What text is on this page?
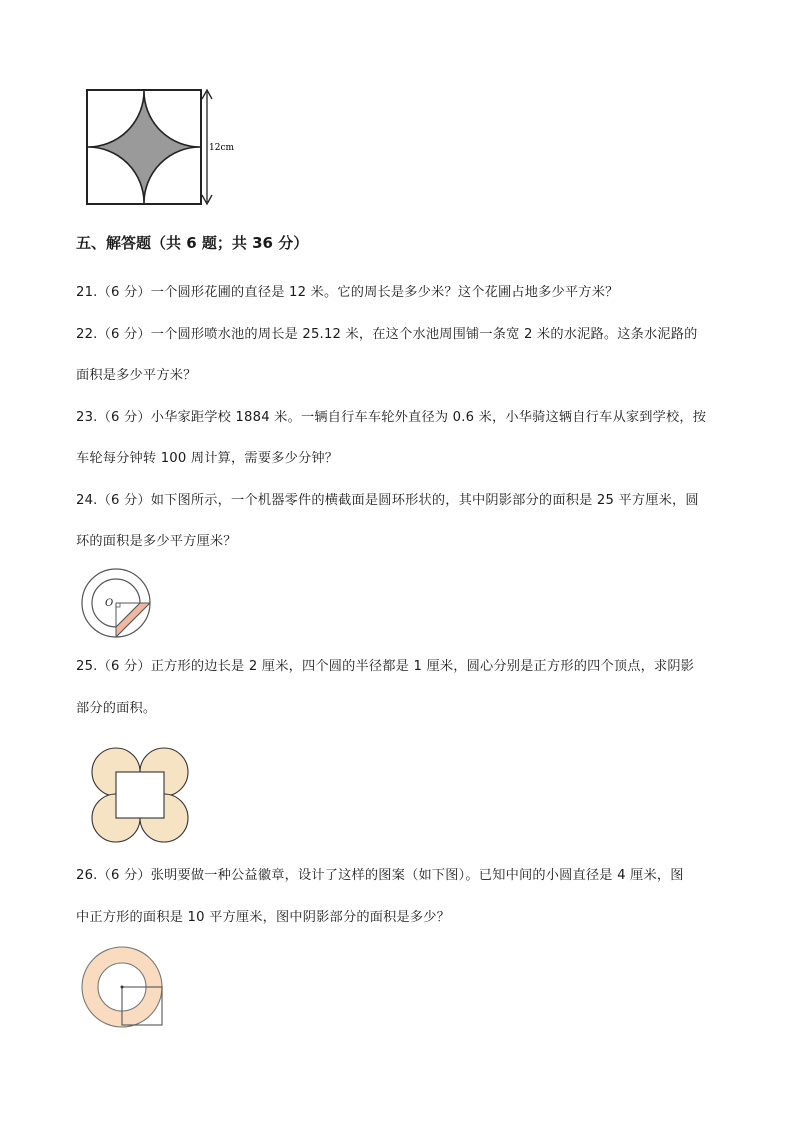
12cm
五、解答题（共 6 题；共 36 分）
21.（6 分）一个圆形花圃的直径是 12 米。它的周长是多少米？这个花圃占地多少平方米？
22.（6 分）一个圆形喷水池的周长是 25.12 米，在这个水池周围铺一条宽 2 米的水泥路。这条水泥路的
面积是多少平方米？
23.（6 分）小华家距学校 1884 米。一辆自行车车轮外直径为 0.6 米，小华骑这辆自行车从家到学校，按
车轮每分钟转 100 周计算，需要多少分钟？
24.（6 分）如下图所示，一个机器零件的横截面是圆环形状的，其中阴影部分的面积是 25 平方厘米，圆
环的面积是多少平方厘米？
O
25.（6 分）正方形的边长是 2 厘米，四个圆的半径都是 1 厘米，圆心分别是正方形的四个顶点，求阴影
部分的面积。
26.（6 分）张明要做一种公益徽章，设计了这样的图案（如下图）。已知中间的小圆直径是 4 厘米，图
中正方形的面积是 10 平方厘米，图中阴影部分的面积是多少？
